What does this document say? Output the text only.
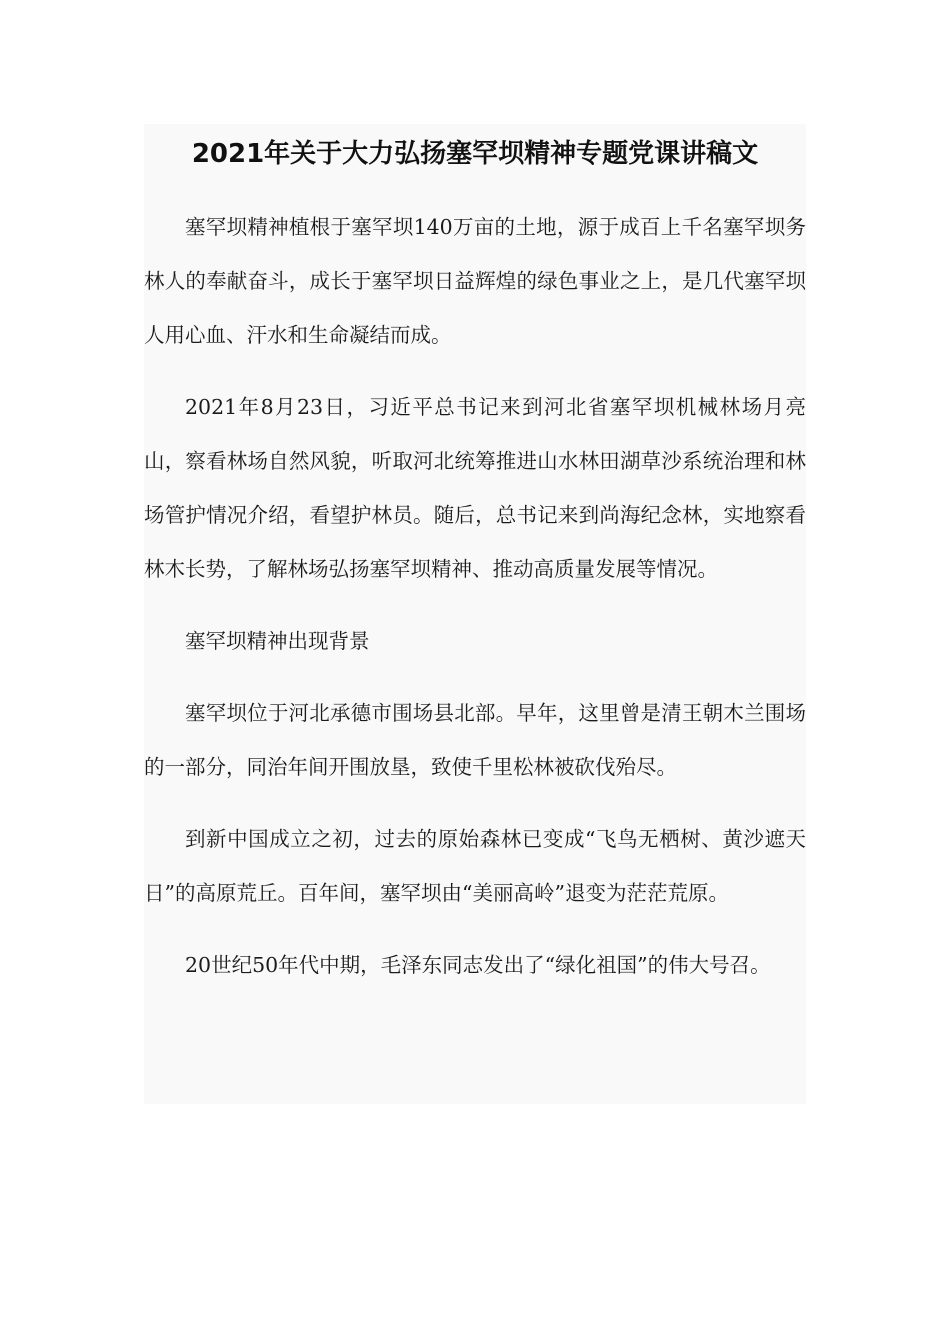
2021年关于大力弘扬塞罕坝精神专题党课讲稿文

塞罕坝精神植根于塞罕坝140万亩的土地，源于成百上千名塞罕坝务林人的奉献奋斗，成长于塞罕坝日益辉煌的绿色事业之上，是几代塞罕坝人用心血、汗水和生命凝结而成。

2021年8月23日，习近平总书记来到河北省塞罕坝机械林场月亮山，察看林场自然风貌，听取河北统筹推进山水林田湖草沙系统治理和林场管护情况介绍，看望护林员。随后，总书记来到尚海纪念林，实地察看林木长势，了解林场弘扬塞罕坝精神、推动高质量发展等情况。

塞罕坝精神出现背景

塞罕坝位于河北承德市围场县北部。早年，这里曾是清王朝木兰围场的一部分，同治年间开围放垦，致使千里松林被砍伐殆尽。

到新中国成立之初，过去的原始森林已变成“飞鸟无栖树、黄沙遮天日”的高原荒丘。百年间，塞罕坝由“美丽高岭”退变为茫茫荒原。

20世纪50年代中期，毛泽东同志发出了“绿化祖国”的伟大号召。
